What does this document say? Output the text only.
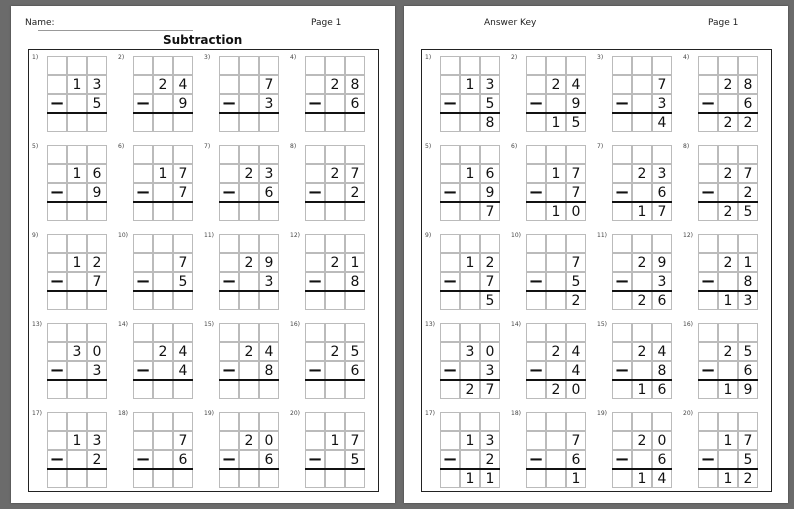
Name:	Page 1
Subtraction
1)
1 3
−	5
2)
2 4
−	9
3)
7
−	3
4)
2 8
−	6
5)
1 6
−	9
6)
1 7
−	7
7)
2 3
−	6
8)
2 7
−	2
9)
1 2
−	7
10)
7
−	5
11)
2 9
−	3
12)
2 1
−	8
13)
3 0
−	3
14)
2 4
−	4
15)
2 4
−	8
16)
2 5
−	6
17)
1 3
−	2
18)
7
−	6
19)
2 0
−	6
20)
1 7
−	5
Answer Key	Page 1
1)
1 3
−	5
8
2)
2 4
−	9
1 5
3)
7
−	3
4
4)
2 8
−	6
2 2
5)
1 6
−	9
7
6)
1 7
−	7
1 0
7)
2 3
−	6
1 7
8)
2 7
−	2
2 5
9)
1 2
−	7
5
10)
7
−	5
2
11)
2 9
−	3
2 6
12)
2 1
−	8
1 3
13)
3 0
−	3
2 7
14)
2 4
−	4
2 0
15)
2 4
−	8
1 6
16)
2 5
−	6
1 9
17)
1 3
−	2
1 1
18)
7
−	6
1
19)
2 0
−	6
1 4
20)
1 7
−	5
1 2
